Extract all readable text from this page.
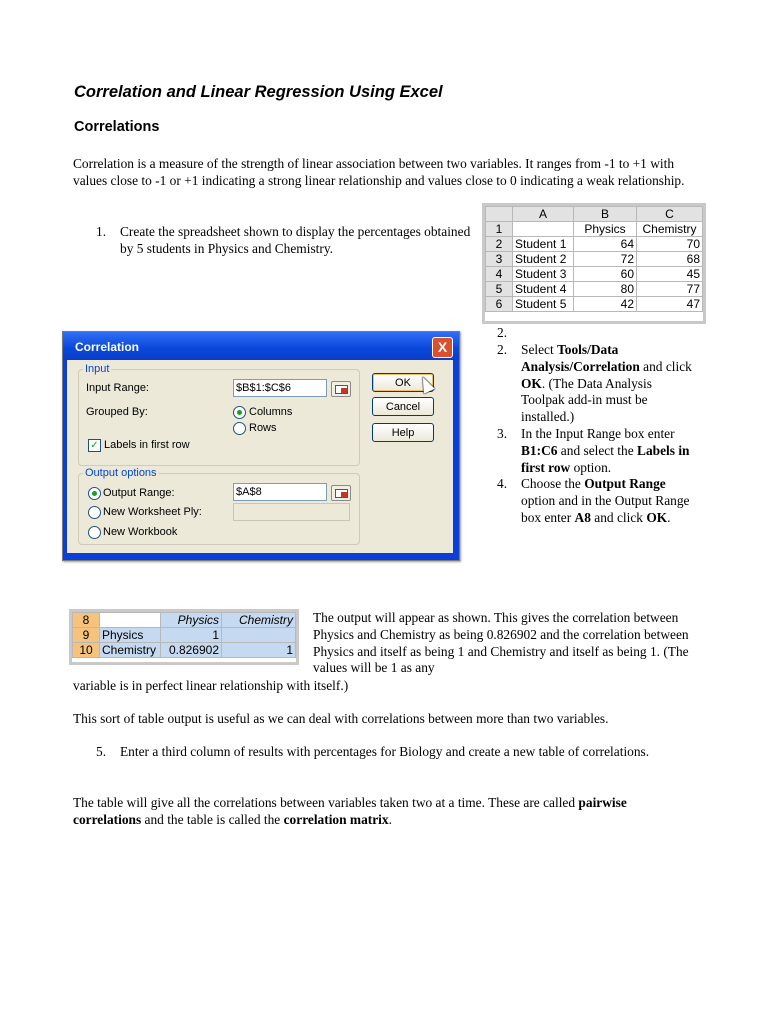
Correlation and Linear Regression Using Excel
Correlations

Correlation is a measure of the strength of linear association between two variables. It ranges from -1 to +1 with values close to -1 or +1 indicating a strong linear relationship and values close to 0 indicating a weak relationship.

1. Create the spreadsheet shown to display the percentages obtained by 5 students in Physics and Chemistry.

	A	B	C
1		Physics	Chemistry
2	Student 1	64	70
3	Student 2	72	68
4	Student 3	60	45
5	Student 4	80	77
6	Student 5	42	47
2.
2. Select Tools/Data Analysis/Correlation and click OK. (The Data Analysis Toolpak add-in must be installed.)

3. In the Input Range box enter B1:C6 and select the Labels in first row option.

4. Choose the Output Range option and in the Output Range box enter A8 and click OK.

Correlation	X
Input
Input Range:	$B$1:$C$6
Grouped By:	Columns
Rows
✓ Labels in first row
Output options
Output Range:	$A$8
New Worksheet Ply:
New Workbook
OK
Cancel
Help
8		Physics	Chemistry
9	Physics	1	
10	Chemistry	0.826902	1

The output will appear as shown. This gives the correlation between Physics and Chemistry as being 0.826902 and the correlation between Physics and itself as being 1 and Chemistry and itself as being 1. (The values will be 1 as any

variable is in perfect linear relationship with itself.)

This sort of table output is useful as we can deal with correlations between more than two variables.

5. Enter a third column of results with percentages for Biology and create a new table of correlations.

The table will give all the correlations between variables taken two at a time. These are called pairwise correlations and the table is called the correlation matrix.
